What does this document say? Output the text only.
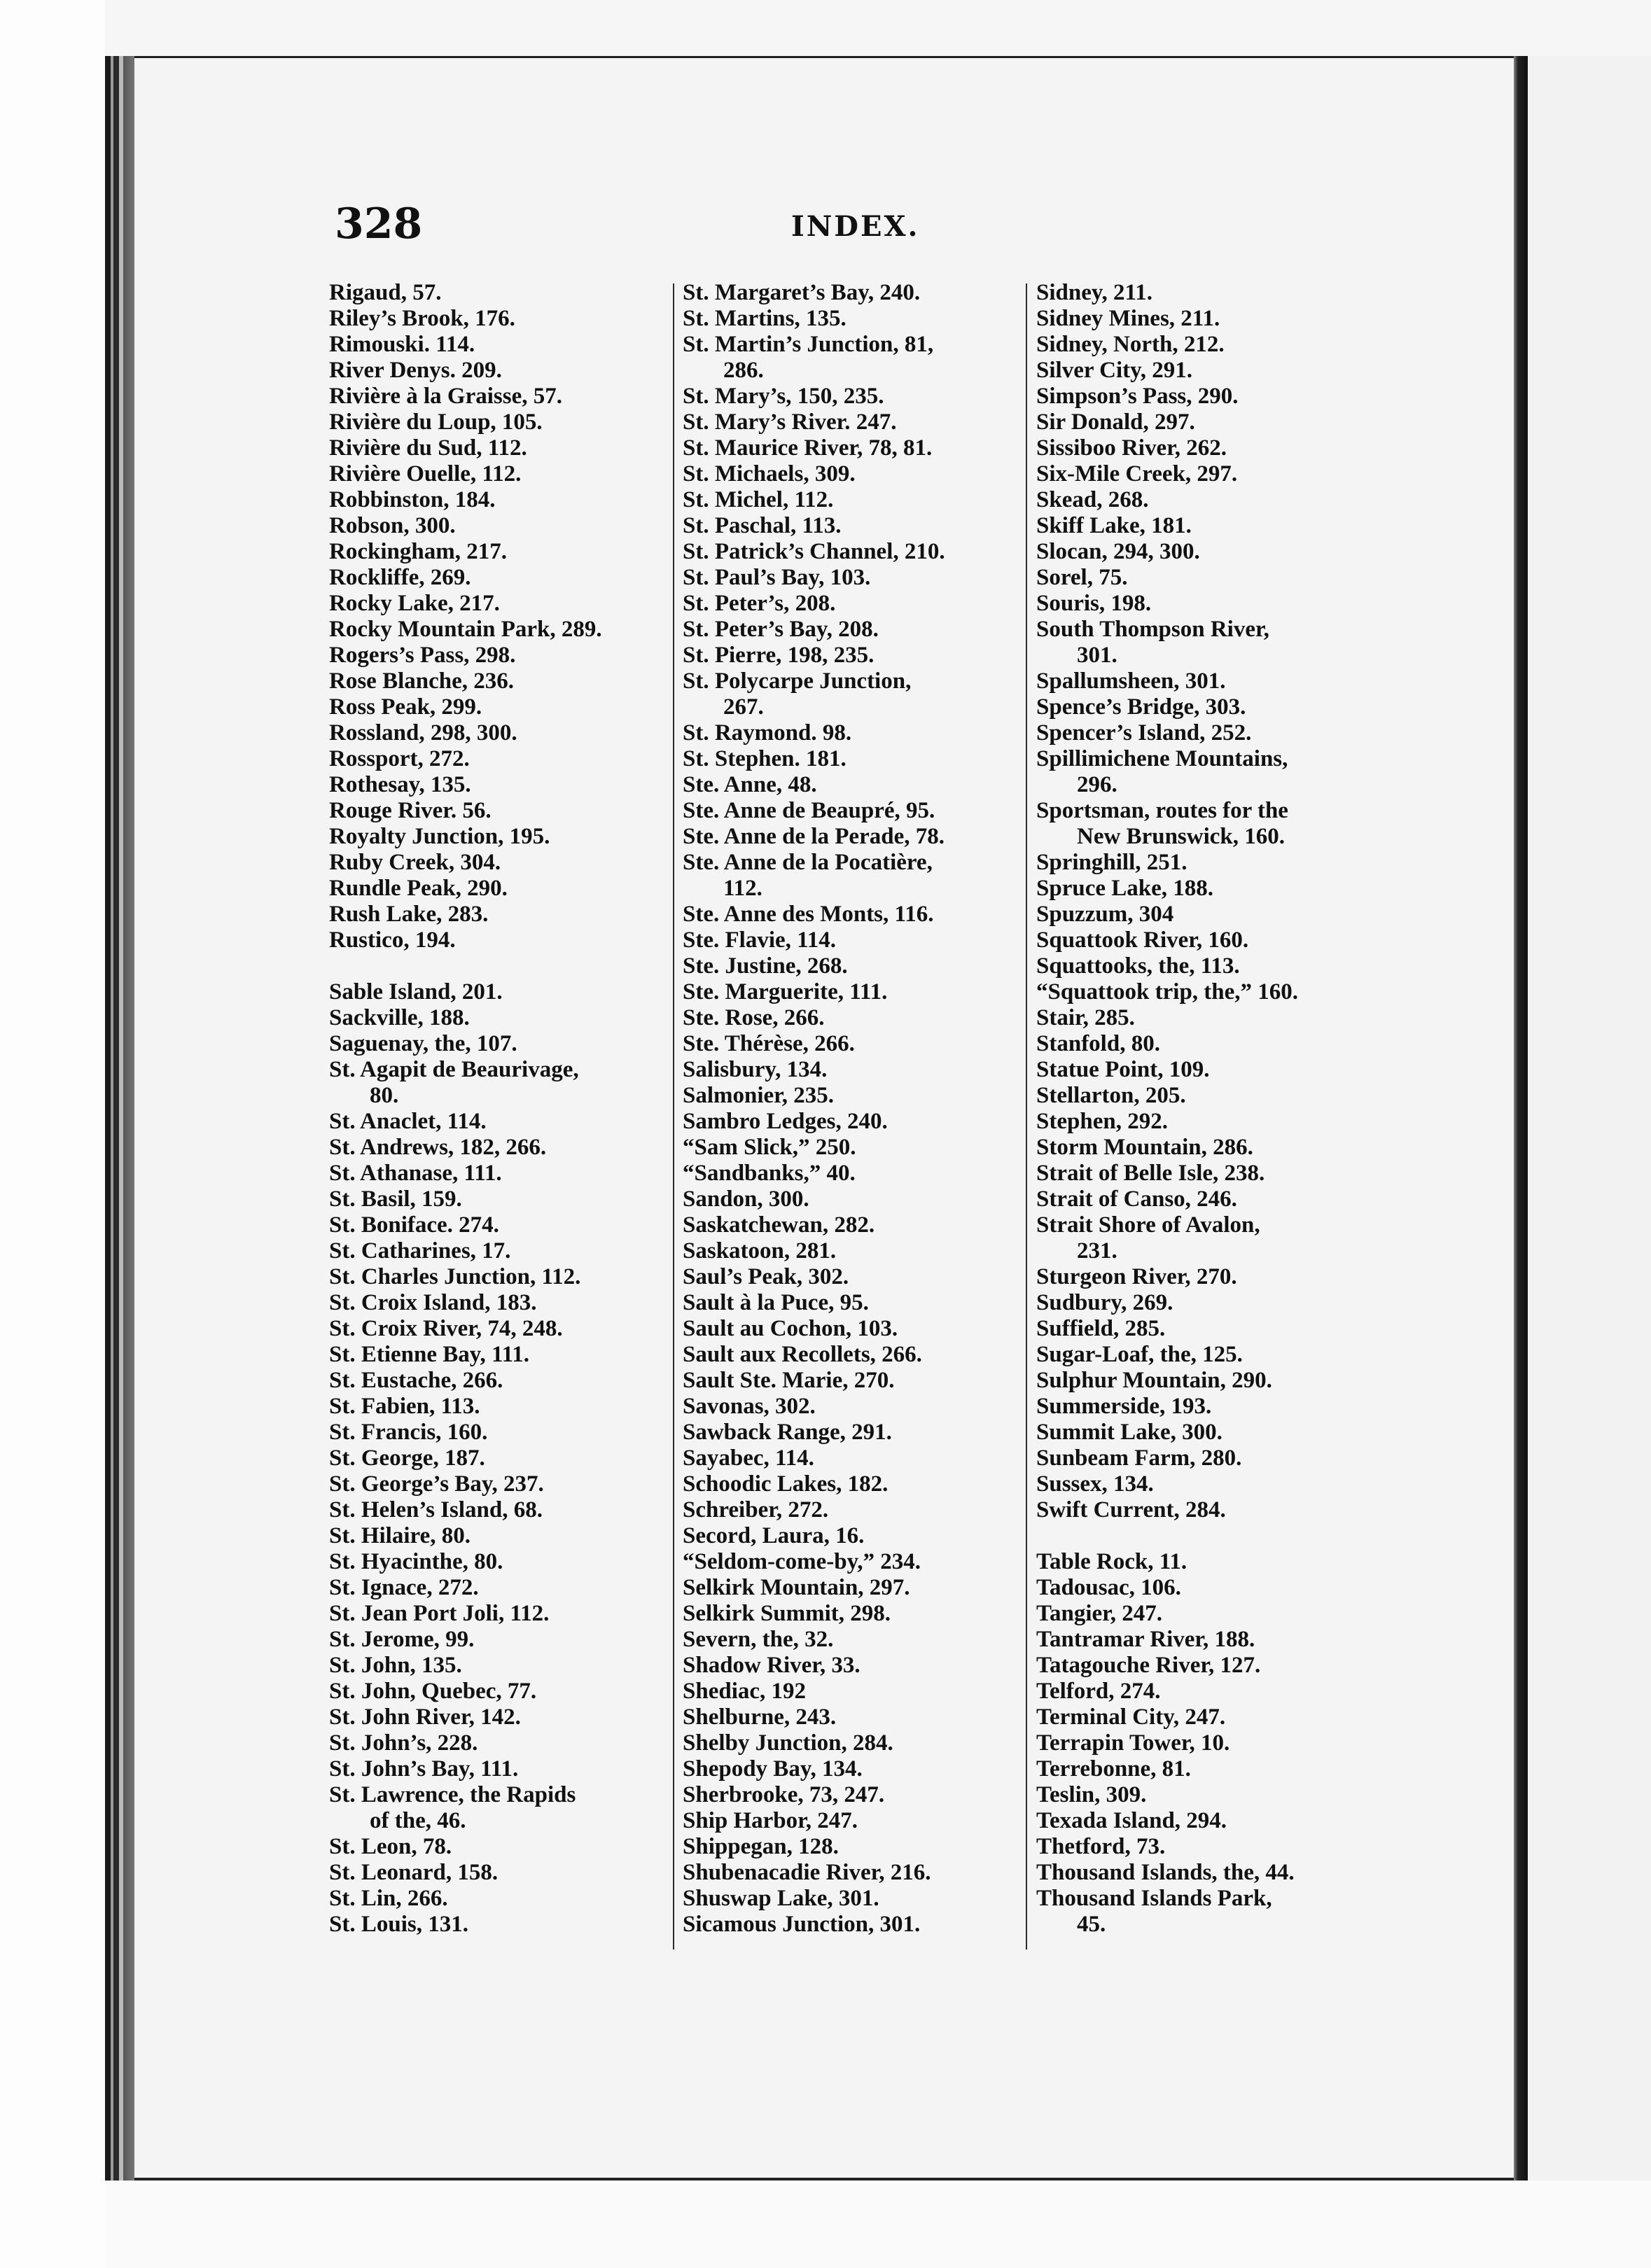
328	INDEX.
Rigaud, 57.
Riley’s Brook, 176.
Rimouski. 114.
River Denys. 209.
Rivière à la Graisse, 57.
Rivière du Loup, 105.
Rivière du Sud, 112.
Rivière Ouelle, 112.
Robbinston, 184.
Robson, 300.
Rockingham, 217.
Rockliffe, 269.
Rocky Lake, 217.
Rocky Mountain Park, 289.
Rogers’s Pass, 298.
Rose Blanche, 236.
Ross Peak, 299.
Rossland, 298, 300.
Rossport, 272.
Rothesay, 135.
Rouge River. 56.
Royalty Junction, 195.
Ruby Creek, 304.
Rundle Peak, 290.
Rush Lake, 283.
Rustico, 194.
Sable Island, 201.
Sackville, 188.
Saguenay, the, 107.
St. Agapit de Beaurivage,
80.
St. Anaclet, 114.
St. Andrews, 182, 266.
St. Athanase, 111.
St. Basil, 159.
St. Boniface. 274.
St. Catharines, 17.
St. Charles Junction, 112.
St. Croix Island, 183.
St. Croix River, 74, 248.
St. Etienne Bay, 111.
St. Eustache, 266.
St. Fabien, 113.
St. Francis, 160.
St. George, 187.
St. George’s Bay, 237.
St. Helen’s Island, 68.
St. Hilaire, 80.
St. Hyacinthe, 80.
St. Ignace, 272.
St. Jean Port Joli, 112.
St. Jerome, 99.
St. John, 135.
St. John, Quebec, 77.
St. John River, 142.
St. John’s, 228.
St. John’s Bay, 111.
St. Lawrence, the Rapids
of the, 46.
St. Leon, 78.
St. Leonard, 158.
St. Lin, 266.
St. Louis, 131.
St. Margaret’s Bay, 240.
St. Martins, 135.
St. Martin’s Junction, 81,
286.
St. Mary’s, 150, 235.
St. Mary’s River. 247.
St. Maurice River, 78, 81.
St. Michaels, 309.
St. Michel, 112.
St. Paschal, 113.
St. Patrick’s Channel, 210.
St. Paul’s Bay, 103.
St. Peter’s, 208.
St. Peter’s Bay, 208.
St. Pierre, 198, 235.
St. Polycarpe Junction,
267.
St. Raymond. 98.
St. Stephen. 181.
Ste. Anne, 48.
Ste. Anne de Beaupré, 95.
Ste. Anne de la Perade, 78.
Ste. Anne de la Pocatière,
112.
Ste. Anne des Monts, 116.
Ste. Flavie, 114.
Ste. Justine, 268.
Ste. Marguerite, 111.
Ste. Rose, 266.
Ste. Thérèse, 266.
Salisbury, 134.
Salmonier, 235.
Sambro Ledges, 240.
“Sam Slick,” 250.
“Sandbanks,” 40.
Sandon, 300.
Saskatchewan, 282.
Saskatoon, 281.
Saul’s Peak, 302.
Sault à la Puce, 95.
Sault au Cochon, 103.
Sault aux Recollets, 266.
Sault Ste. Marie, 270.
Savonas, 302.
Sawback Range, 291.
Sayabec, 114.
Schoodic Lakes, 182.
Schreiber, 272.
Secord, Laura, 16.
“Seldom-come-by,” 234.
Selkirk Mountain, 297.
Selkirk Summit, 298.
Severn, the, 32.
Shadow River, 33.
Shediac, 192
Shelburne, 243.
Shelby Junction, 284.
Shepody Bay, 134.
Sherbrooke, 73, 247.
Ship Harbor, 247.
Shippegan, 128.
Shubenacadie River, 216.
Shuswap Lake, 301.
Sicamous Junction, 301.
Sidney, 211.
Sidney Mines, 211.
Sidney, North, 212.
Silver City, 291.
Simpson’s Pass, 290.
Sir Donald, 297.
Sissiboo River, 262.
Six-Mile Creek, 297.
Skead, 268.
Skiff Lake, 181.
Slocan, 294, 300.
Sorel, 75.
Souris, 198.
South Thompson River,
301.
Spallumsheen, 301.
Spence’s Bridge, 303.
Spencer’s Island, 252.
Spillimichene Mountains,
296.
Sportsman, routes for the
New Brunswick, 160.
Springhill, 251.
Spruce Lake, 188.
Spuzzum, 304
Squattook River, 160.
Squattooks, the, 113.
“Squattook trip, the,” 160.
Stair, 285.
Stanfold, 80.
Statue Point, 109.
Stellarton, 205.
Stephen, 292.
Storm Mountain, 286.
Strait of Belle Isle, 238.
Strait of Canso, 246.
Strait Shore of Avalon,
231.
Sturgeon River, 270.
Sudbury, 269.
Suffield, 285.
Sugar-Loaf, the, 125.
Sulphur Mountain, 290.
Summerside, 193.
Summit Lake, 300.
Sunbeam Farm, 280.
Sussex, 134.
Swift Current, 284.
Table Rock, 11.
Tadousac, 106.
Tangier, 247.
Tantramar River, 188.
Tatagouche River, 127.
Telford, 274.
Terminal City, 247.
Terrapin Tower, 10.
Terrebonne, 81.
Teslin, 309.
Texada Island, 294.
Thetford, 73.
Thousand Islands, the, 44.
Thousand Islands Park,
45.
